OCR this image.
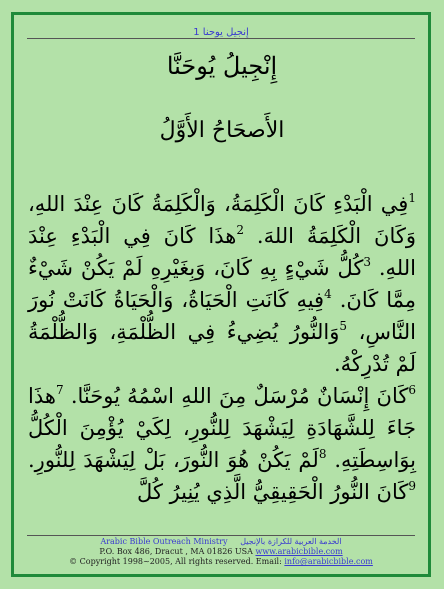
إنجيل يوحنا 1
إِنْجِيلُ يُوحَنَّا
الأَصحَاحُ الأَوَّلُ
$^1$فِي الْبَدْءِ كَانَ الْكَلِمَةُ، وَالْكَلِمَةُ كَانَ عِنْدَ اللهِ، وَكَانَ الْكَلِمَةُ اللهَ. $^2$هذَا كَانَ فِي الْبَدْءِ عِنْدَ اللهِ. $^3$كُلُّ شَيْءٍ بِهِ كَانَ، وَبِغَيْرِهِ لَمْ يَكُنْ شَيْءٌ مِمَّا كَانَ. $^4$فِيهِ كَانَتِ الْحَيَاةُ، وَالْحَيَاةُ كَانَتْ نُورَ النَّاسِ، $^5$وَالنُّورُ يُضِيءُ فِي الظُّلْمَةِ، وَالظُّلْمَةُ لَمْ تُدْرِكْهُ.
$^6$كَانَ إِنْسَانٌ مُرْسَلٌ مِنَ اللهِ اسْمُهُ يُوحَنَّا. $^7$هذَا جَاءَ لِلشَّهَادَةِ لِيَشْهَدَ لِلنُّورِ، لِكَيْ يُؤْمِنَ الْكُلُّ بِوَاسِطَتِهِ. $^8$لَمْ يَكُنْ هُوَ النُّورَ، بَلْ لِيَشْهَدَ لِلنُّورِ. $^9$كَانَ النُّورُ الْحَقِيقِيُّ الَّذِي يُنِيرُ كُلَّ
Arabic Bible Outreach Ministry الخدمة العربية للكرازة بالإنجيل
P.O. Box 486, Dracut , MA 01826 USA www.arabicbible.com
© Copyright 1998~2005, All rights reserved. Email: info@arabicbible.com
